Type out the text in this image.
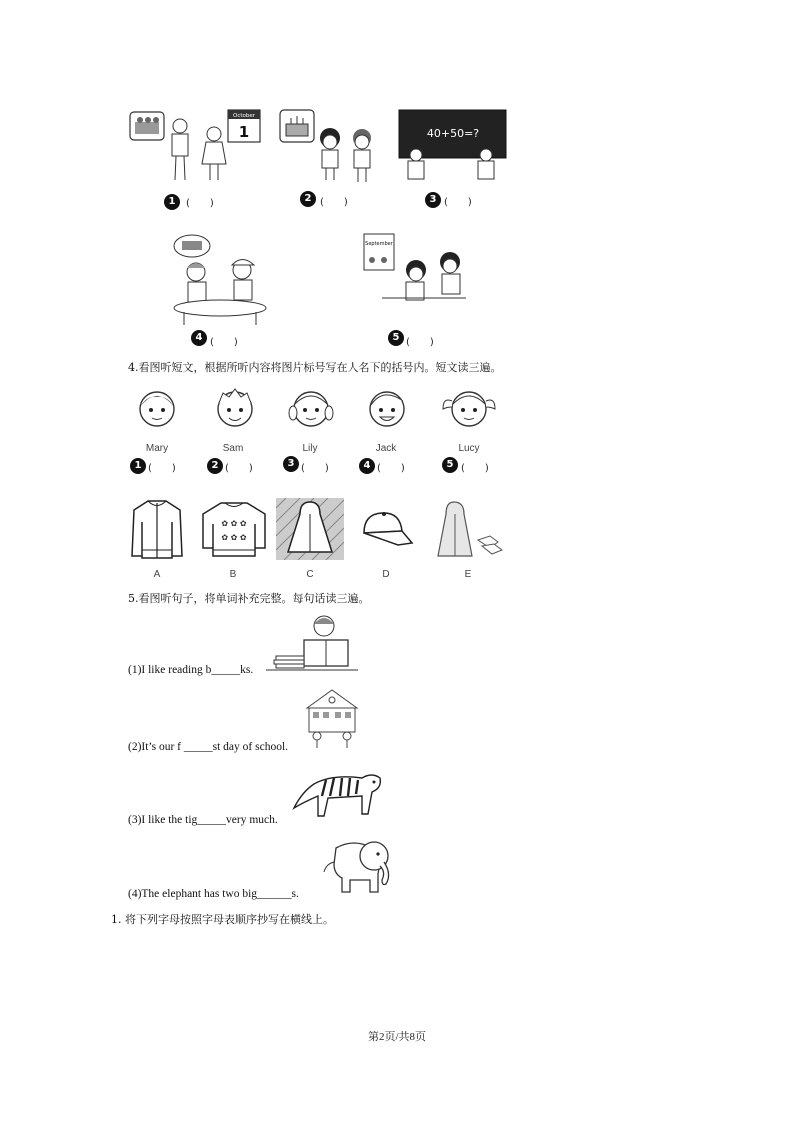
October
1	40+50=?
1	(　　)	2 (　　)	3 (　　)
September
4 (　　)	5 (　　)
4.看图听短文，根据所听内容将图片标号写在人名下的括号内。短文读三遍。
Mary	Sam	Lily	Jack	Lucy
1 (　　)	2 (　　)	3 (　　)	4 (　　)	5 (　　)
✿ ✿ ✿
✿ ✿ ✿
A	B	C	D	E
5.看图听句子，将单词补充完整。每句话读三遍。
(1)I like reading b_____ks.
(2)It’s our f _____st day of school.
(3)I like the tig_____very much.
(4)The elephant has two big______s.
1. 将下列字母按照字母表顺序抄写在横线上。
第2页/共8页
